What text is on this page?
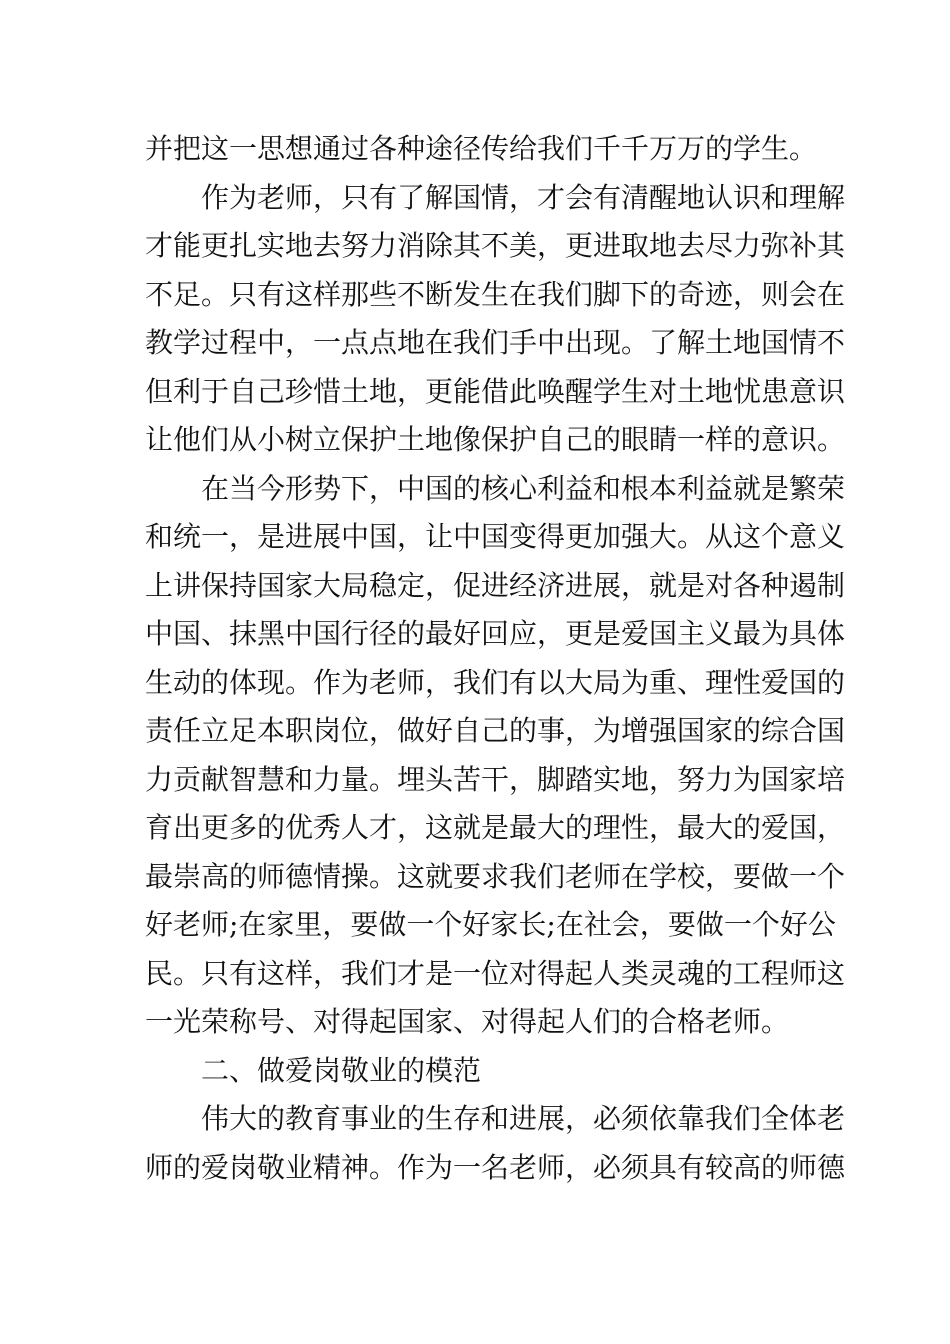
并把这一思想通过各种途径传给我们千千万万的学生。
作为老师，只有了解国情，才会有清醒地认识和理解
才能更扎实地去努力消除其不美，更进取地去尽力弥补其
不足。只有这样那些不断发生在我们脚下的奇迹，则会在
教学过程中，一点点地在我们手中出现。了解土地国情不
但利于自己珍惜土地，更能借此唤醒学生对土地忧患意识
让他们从小树立保护土地像保护自己的眼睛一样的意识。
在当今形势下，中国的核心利益和根本利益就是繁荣
和统一，是进展中国，让中国变得更加强大。从这个意义
上讲保持国家大局稳定，促进经济进展，就是对各种遏制
中国、抹黑中国行径的最好回应，更是爱国主义最为具体
生动的体现。作为老师，我们有以大局为重、理性爱国的
责任立足本职岗位，做好自己的事，为增强国家的综合国
力贡献智慧和力量。埋头苦干，脚踏实地，努力为国家培
育出更多的优秀人才，这就是最大的理性，最大的爱国，
最崇高的师德情操。这就要求我们老师在学校，要做一个
好老师;在家里，要做一个好家长;在社会，要做一个好公
民。只有这样，我们才是一位对得起人类灵魂的工程师这
一光荣称号、对得起国家、对得起人们的合格老师。
二、做爱岗敬业的模范
伟大的教育事业的生存和进展，必须依靠我们全体老
师的爱岗敬业精神。作为一名老师，必须具有较高的师德
